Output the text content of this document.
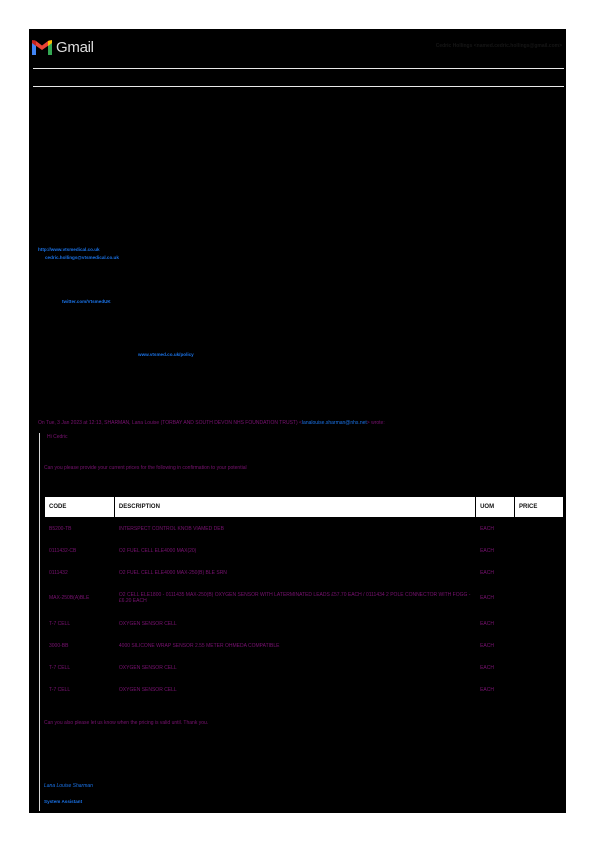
Gmail	Cedric Hollings <named.cedric.hollings@gmail.com>
http://www.vtsmedical.co.uk
cedric.hollings@vtsmedical.co.uk
twitter.com/VtsmedUK
www.vtsmed.co.uk/policy
On Tue, 3 Jan 2023 at 12:13, SHARMAN, Lana Louise (TORBAY AND SOUTH DEVON NHS FOUNDATION TRUST) <lanalouise.sharman@nhs.net> wrote:
Hi Cedric
Can you please provide your current prices for the following in confirmation to your potential
CODE	DESCRIPTION	UOM	PRICE
B5200-TB	INTERSPECT CONTROL KNOB VIAMED DEB	EACH	
0111432-CB	O2 FUEL CELL ELE4000 MAX(20)	EACH	
0111432	O2 FUEL CELL ELE4000 MAX-250(B) BLE SRN	EACH	
MAX-250B(A)BLE	O2 CELL ELE1800 - 0111435 MAX-250(B) OXYGEN SENSOR WITH LATERMINATED LEADS £57.70 EACH / 0111434 2 POLE CONNECTOR WITH FOGG - £6.20 EACH	EACH	
T-7 CELL	OXYGEN SENSOR CELL	EACH	
3000-BB	4000 SILICONE WRAP SENSOR 2.55 METER OHMEDA COMPATIBLE	EACH	
T-7 CELL	OXYGEN SENSOR CELL	EACH	
T-7 CELL	OXYGEN SENSOR CELL	EACH	
Can you also please let us know when the pricing is valid until. Thank you.
Lana Louise Sharman
System Assistant
